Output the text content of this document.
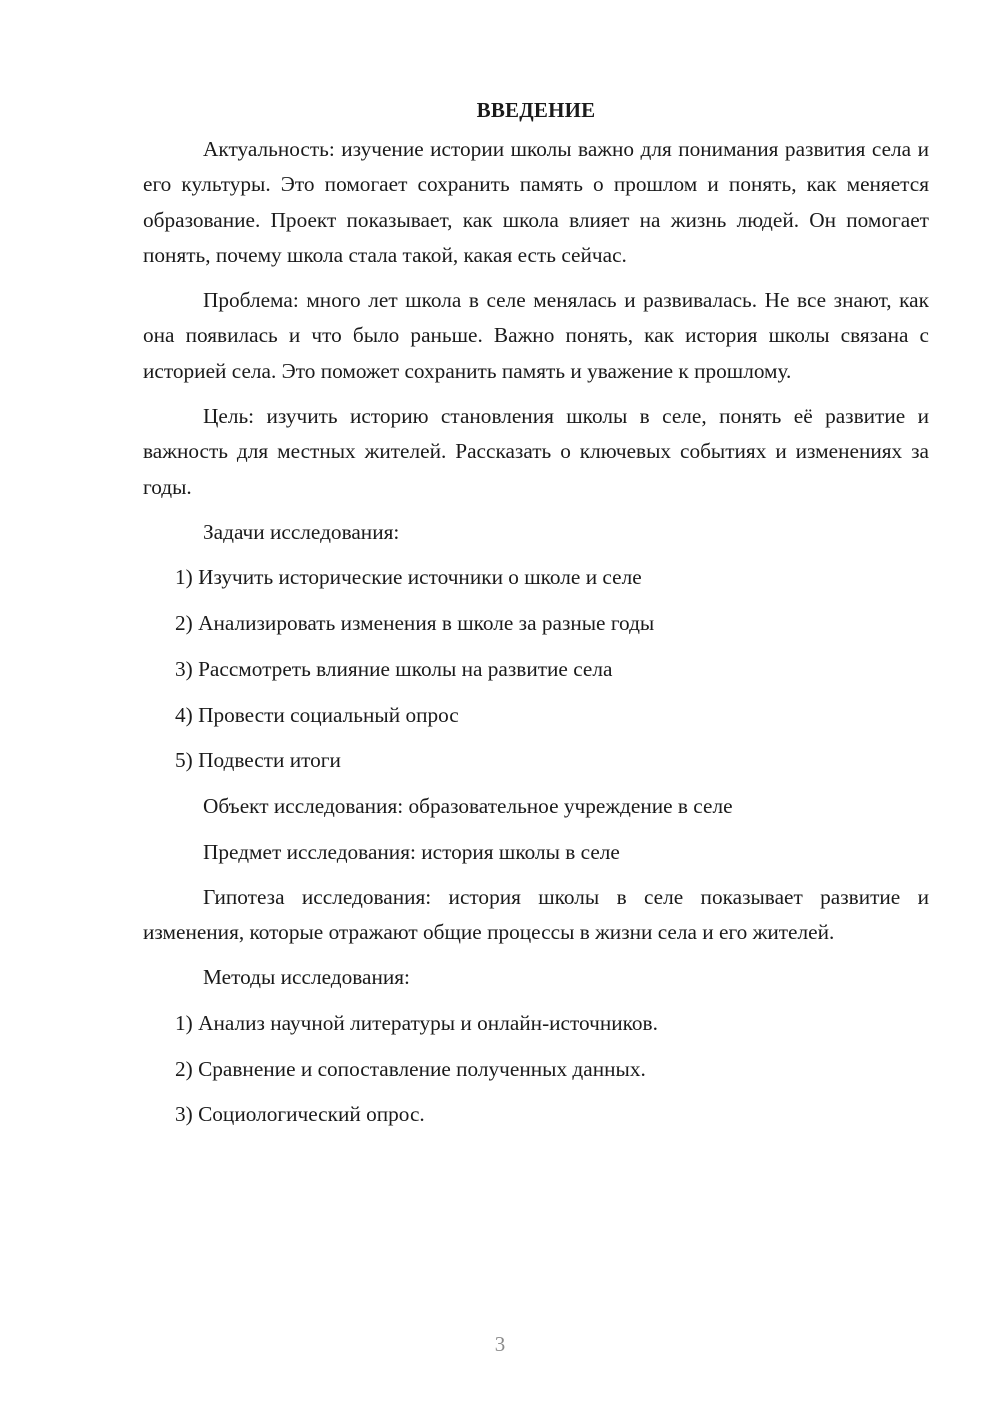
ВВЕДЕНИЕ

Актуальность: изучение истории школы важно для понимания развития села и его культуры. Это помогает сохранить память о прошлом и понять, как меняется образование. Проект показывает, как школа влияет на жизнь людей. Он помогает понять, почему школа стала такой, какая есть сейчас.

Проблема: много лет школа в селе менялась и развивалась. Не все знают, как она появилась и что было раньше. Важно понять, как история школы связана с историей села. Это поможет сохранить память и уважение к прошлому.

Цель: изучить историю становления школы в селе, понять её развитие и важность для местных жителей. Рассказать о ключевых событиях и изменениях за годы.

Задачи исследования:

1) Изучить исторические источники о школе и селе

2) Анализировать изменения в школе за разные годы

3) Рассмотреть влияние школы на развитие села

4) Провести социальный опрос

5) Подвести итоги

Объект исследования: образовательное учреждение в селе

Предмет исследования: история школы в селе

Гипотеза исследования: история школы в селе показывает развитие и изменения, которые отражают общие процессы в жизни села и его жителей.

Методы исследования:

1) Анализ научной литературы и онлайн-источников.

2) Сравнение и сопоставление полученных данных.

3) Социологический опрос.

3
